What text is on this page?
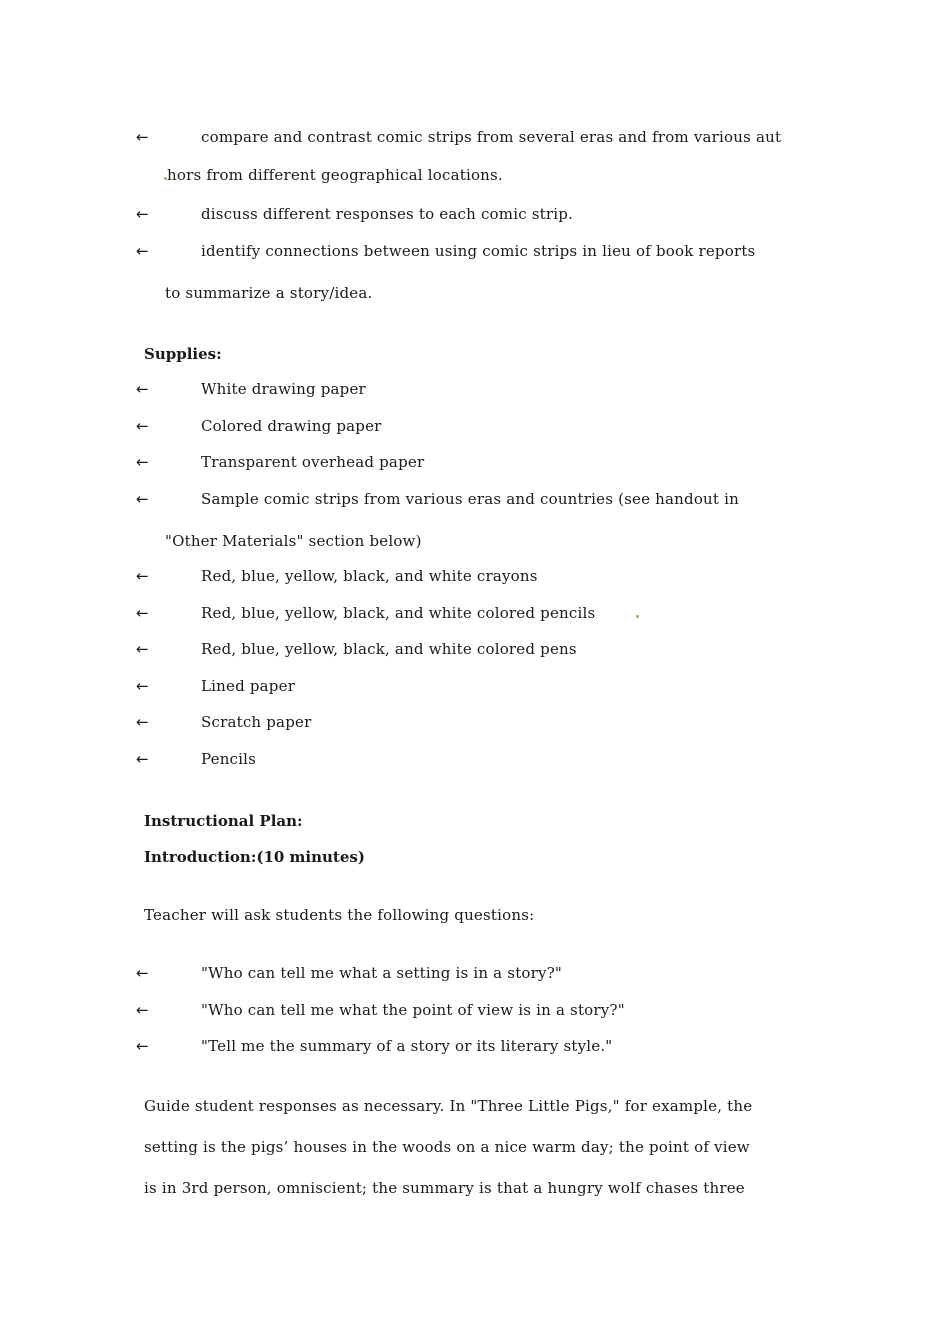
←	compare and contrast comic strips from several eras and from various aut
hors from different geographical locations.
←	discuss different responses to each comic strip.
←	identify connections between using comic strips in lieu of book reports
to summarize a story/idea.
Supplies:
←	White drawing paper
←	Colored drawing paper
←	Transparent overhead paper
←	Sample comic strips from various eras and countries (see handout in
"Other Materials" section below)
←	Red, blue, yellow, black, and white crayons
←	Red, blue, yellow, black, and white colored pencils
←	Red, blue, yellow, black, and white colored pens
←	Lined paper
←	Scratch paper
←	Pencils
Instructional Plan:
Introduction:(10 minutes)
Teacher will ask students the following questions:
←	"Who can tell me what a setting is in a story?"
←	"Who can tell me what the point of view is in a story?"
←	"Tell me the summary of a story or its literary style."
Guide student responses as necessary. In "Three Little Pigs," for example, the
setting is the pigs’ houses in the woods on a nice warm day; the point of view
is in 3rd person, omniscient; the summary is that a hungry wolf chases three
